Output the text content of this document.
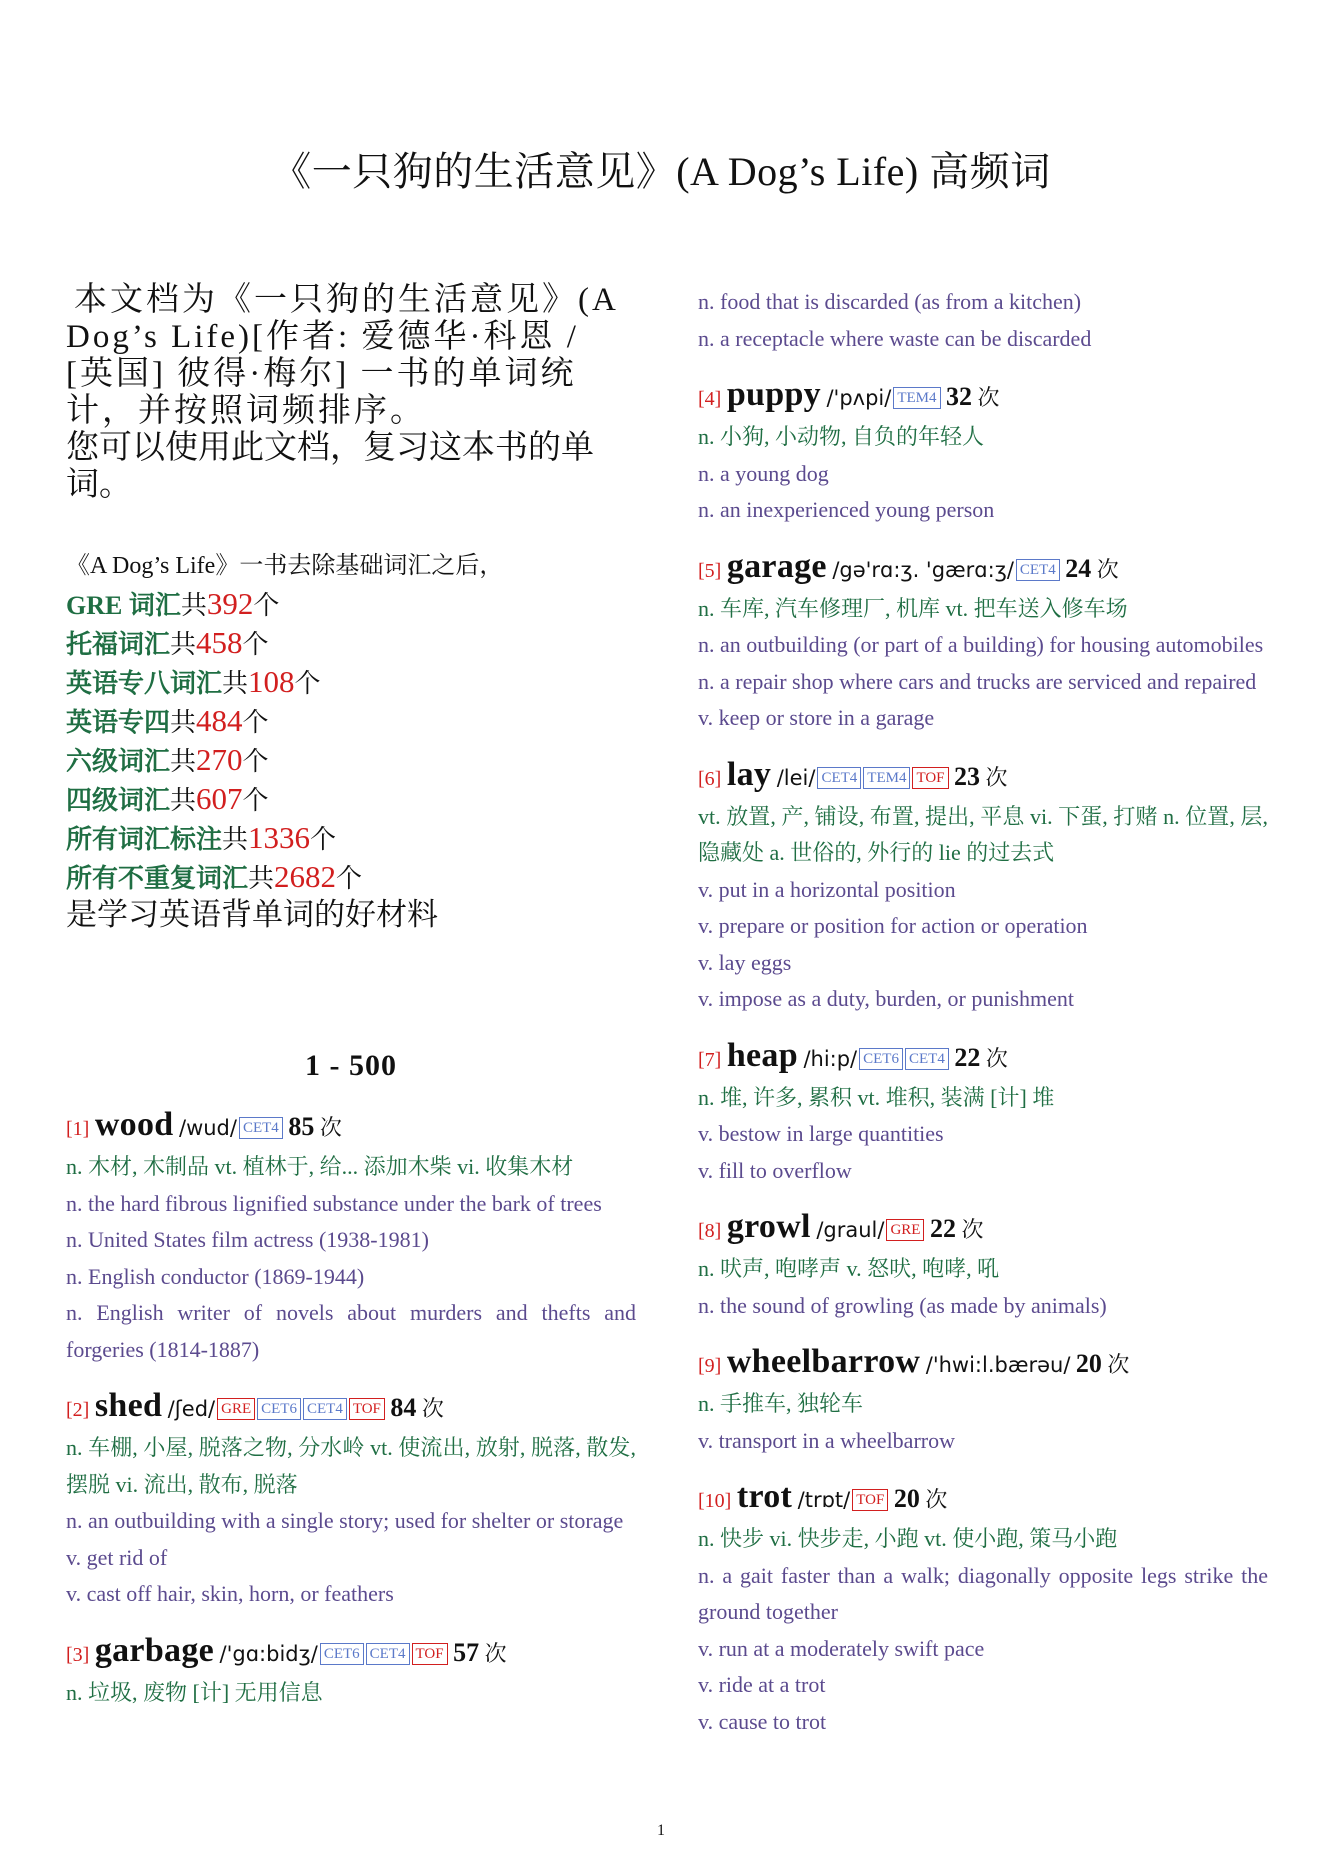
《一只狗的生活意见》(A Dog’s Life) 高频词

本文档为《一只狗的生活意见》(A Dog’s Life)[作者: 爱德华·科恩 / [英国] 彼得·梅尔] 一书的单词统计，并按照词频排序。

您可以使用此文档，复习这本书的单词。

《A Dog’s Life》一书去除基础词汇之后，
GRE 词汇共392个
托福词汇共458个
英语专八词汇共108个
英语专四共484个
六级词汇共270个
四级词汇共607个
所有词汇标注共1336个
所有不重复词汇共2682个
是学习英语背单词的好材料
1 - 500
[1] wood /wud/ CET4 85 次

n. 木材, 木制品 vt. 植林于, 给... 添加木柴 vi. 收集木材

n. the hard fibrous lignified substance under the bark of trees

n. United States film actress (1938-1981)

n. English conductor (1869-1944)

n. English writer of novels about murders and thefts and forgeries (1814-1887)

[2] shed /ʃed/ GRE CET6 CET4 TOF 84 次

n. 车棚, 小屋, 脱落之物, 分水岭 vt. 使流出, 放射, 脱落, 散发, 摆脱 vi. 流出, 散布, 脱落

n. an outbuilding with a single story; used for shelter or storage

v. get rid of

v. cast off hair, skin, horn, or feathers

[3] garbage /'gɑ:bidʒ/ CET6 CET4 TOF 57 次

n. 垃圾, 废物 [计] 无用信息

n. food that is discarded (as from a kitchen)

n. a receptacle where waste can be discarded

[4] puppy /'pʌpi/ TEM4 32 次

n. 小狗, 小动物, 自负的年轻人

n. a young dog

n. an inexperienced young person

[5] garage /gə'rɑ:ʒ. 'gærɑ:ʒ/ CET4 24 次

n. 车库, 汽车修理厂, 机库 vt. 把车送入修车场

n. an outbuilding (or part of a building) for housing automobiles

n. a repair shop where cars and trucks are serviced and repaired

v. keep or store in a garage

[6] lay /lei/ CET4 TEM4 TOF 23 次

vt. 放置, 产, 铺设, 布置, 提出, 平息 vi. 下蛋, 打赌 n. 位置, 层, 隐藏处 a. 世俗的, 外行的 lie 的过去式

v. put in a horizontal position

v. prepare or position for action or operation

v. lay eggs

v. impose as a duty, burden, or punishment

[7] heap /hi:p/ CET6 CET4 22 次

n. 堆, 许多, 累积 vt. 堆积, 装满 [计] 堆

v. bestow in large quantities

v. fill to overflow

[8] growl /graul/ GRE 22 次

n. 吠声, 咆哮声 v. 怒吠, 咆哮, 吼

n. the sound of growling (as made by animals)

[9] wheelbarrow /'hwi:l.bærəu/ 20 次

n. 手推车, 独轮车

v. transport in a wheelbarrow

[10] trot /trɒt/ TOF 20 次

n. 快步 vi. 快步走, 小跑 vt. 使小跑, 策马小跑

n. a gait faster than a walk; diagonally opposite legs strike the ground together

v. run at a moderately swift pace

v. ride at a trot

v. cause to trot

1
